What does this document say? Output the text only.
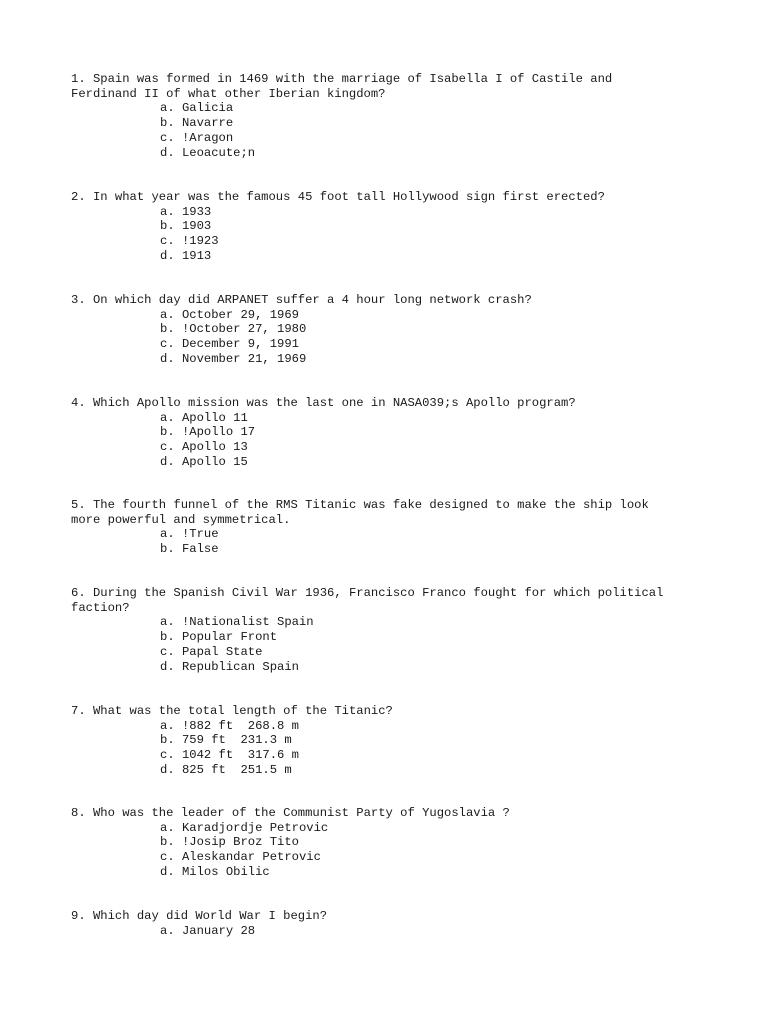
1. Spain was formed in 1469 with the marriage of Isabella I of Castile and
Ferdinand II of what other Iberian kingdom?

a. Galicia
b. Navarre
c. !Aragon
d. Leoacute;n

2. In what year was the famous 45 foot tall Hollywood sign first erected?

a. 1933
b. 1903
c. !1923
d. 1913

3. On which day did ARPANET suffer a 4 hour long network crash?

a. October 29, 1969
b. !October 27, 1980
c. December 9, 1991
d. November 21, 1969

4. Which Apollo mission was the last one in NASA039;s Apollo program?

a. Apollo 11
b. !Apollo 17
c. Apollo 13
d. Apollo 15

5. The fourth funnel of the RMS Titanic was fake designed to make the ship look
more powerful and symmetrical.

a. !True
b. False

6. During the Spanish Civil War 1936, Francisco Franco fought for which political
faction?

a. !Nationalist Spain
b. Popular Front
c. Papal State
d. Republican Spain

7. What was the total length of the Titanic?

a. !882 ft  268.8 m
b. 759 ft  231.3 m
c. 1042 ft  317.6 m
d. 825 ft  251.5 m

8. Who was the leader of the Communist Party of Yugoslavia ?

a. Karadjordje Petrovic
b. !Josip Broz Tito
c. Aleskandar Petrovic
d. Milos Obilic

9. Which day did World War I begin?

a. January 28
